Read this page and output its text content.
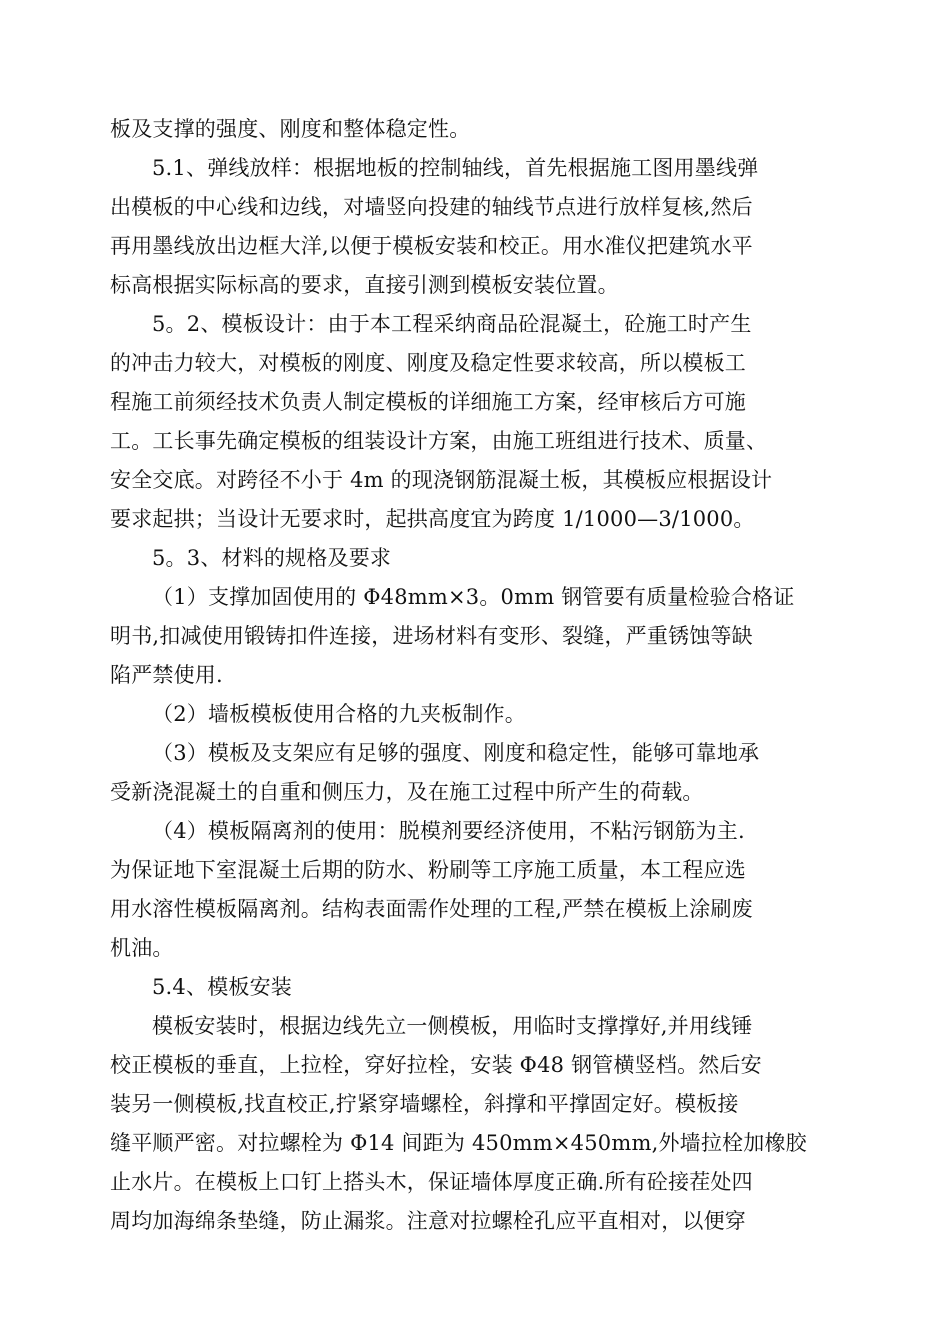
板及支撑的强度、刚度和整体稳定性。
5.1、弹线放样：根据地板的控制轴线，首先根据施工图用墨线弹
出模板的中心线和边线，对墙竖向投建的轴线节点进行放样复核,然后
再用墨线放出边框大洋,以便于模板安装和校正。用水准仪把建筑水平
标高根据实际标高的要求，直接引测到模板安装位置。
5。2、模板设计：由于本工程采纳商品砼混凝土，砼施工时产生
的冲击力较大，对模板的刚度、刚度及稳定性要求较高，所以模板工
程施工前须经技术负责人制定模板的详细施工方案，经审核后方可施
工。工长事先确定模板的组装设计方案，由施工班组进行技术、质量、
安全交底。对跨径不小于 4m 的现浇钢筋混凝土板，其模板应根据设计
要求起拱；当设计无要求时，起拱高度宜为跨度 1/1000—3/1000。
5。3、材料的规格及要求
（1）支撑加固使用的 Φ48mm×3。0mm 钢管要有质量检验合格证
明书,扣减使用锻铸扣件连接，进场材料有变形、裂缝，严重锈蚀等缺
陷严禁使用.
（2）墙板模板使用合格的九夹板制作。
（3）模板及支架应有足够的强度、刚度和稳定性，能够可靠地承
受新浇混凝土的自重和侧压力，及在施工过程中所产生的荷载。
（4）模板隔离剂的使用：脱模剂要经济使用，不粘污钢筋为主.
为保证地下室混凝土后期的防水、粉刷等工序施工质量，本工程应选
用水溶性模板隔离剂。结构表面需作处理的工程,严禁在模板上涂刷废
机油。
5.4、模板安装
模板安装时，根据边线先立一侧模板，用临时支撑撑好,并用线锤
校正模板的垂直，上拉栓，穿好拉栓，安装 Φ48 钢管横竖档。然后安
装另一侧模板,找直校正,拧紧穿墙螺栓，斜撑和平撑固定好。模板接
缝平顺严密。对拉螺栓为 Φ14 间距为 450mm×450mm,外墙拉栓加橡胶
止水片。在模板上口钉上搭头木，保证墙体厚度正确.所有砼接茬处四
周均加海绵条垫缝，防止漏浆。注意对拉螺栓孔应平直相对，以便穿
